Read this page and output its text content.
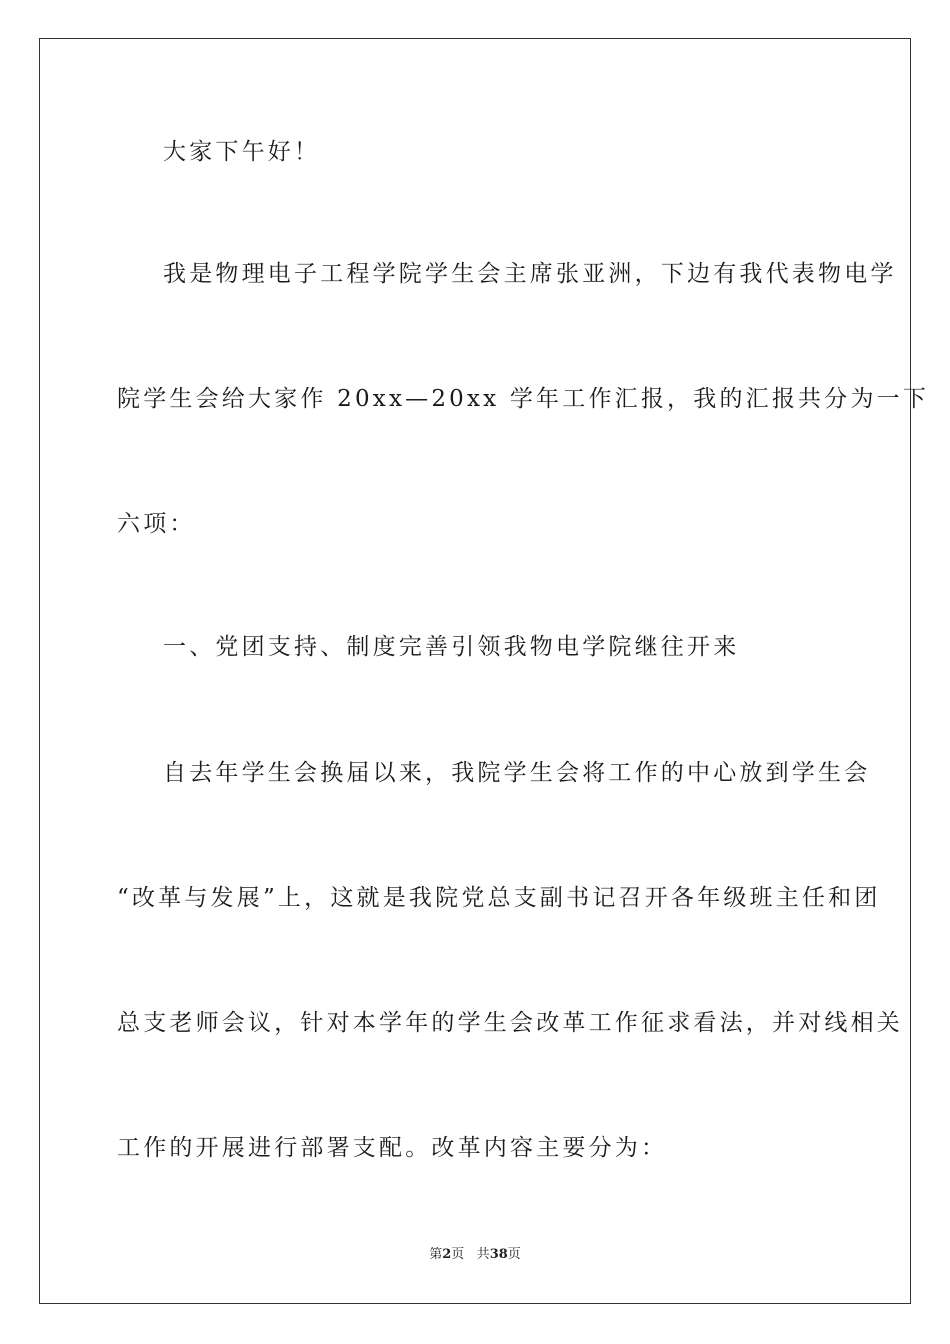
大家下午好！
我是物理电子工程学院学生会主席张亚洲，下边有我代表物电学
院学生会给大家作 20xx—20xx 学年工作汇报，我的汇报共分为一下
六项：
一、党团支持、制度完善引领我物电学院继往开来
自去年学生会换届以来，我院学生会将工作的中心放到学生会
“改革与发展”上，这就是我院党总支副书记召开各年级班主任和团
总支老师会议，针对本学年的学生会改革工作征求看法，并对线相关
工作的开展进行部署支配。改革内容主要分为：
第2页 共38页
